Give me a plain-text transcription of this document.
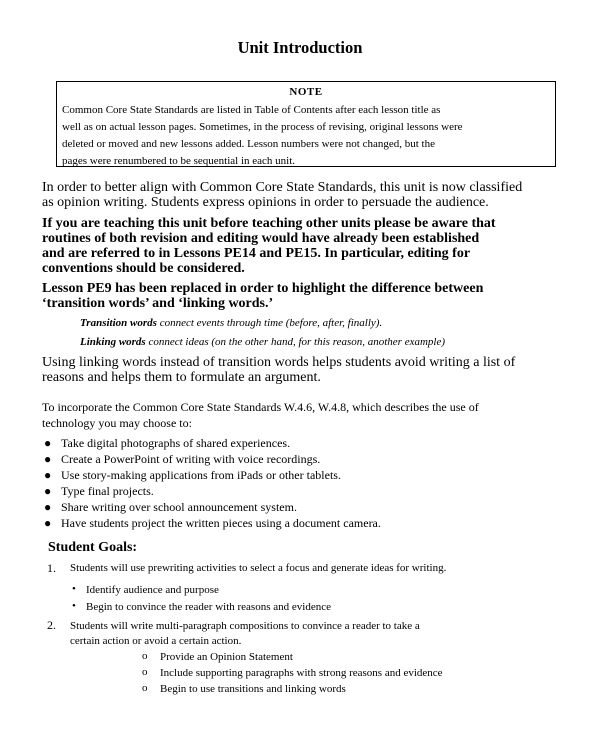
Unit Introduction
NOTE
Common Core State Standards are listed in Table of Contents after each lesson title as
well as on actual lesson pages. Sometimes, in the process of revising, original lessons were
deleted or moved and new lessons added. Lesson numbers were not changed, but the
pages were renumbered to be sequential in each unit.
In order to better align with Common Core State Standards, this unit is now classified
as opinion writing. Students express opinions in order to persuade the audience.
If you are teaching this unit before teaching other units please be aware that
routines of both revision and editing would have already been established
and are referred to in Lessons PE14 and PE15. In particular, editing for
conventions should be considered.
Lesson PE9 has been replaced in order to highlight the difference between
‘transition words’ and ‘linking words.’
Transition words connect events through time (before, after, finally).
Linking words connect ideas (on the other hand, for this reason, another example)
Using linking words instead of transition words helps students avoid writing a list of
reasons and helps them to formulate an argument.
To incorporate the Common Core State Standards W.4.6, W.4.8, which describes the use of
technology you may choose to:
● Take digital photographs of shared experiences.
● Create a PowerPoint of writing with voice recordings.
● Use story-making applications from iPads or other tablets.
● Type final projects.
● Share writing over school announcement system.
● Have students project the written pieces using a document camera.
Student Goals:
1. Students will use prewriting activities to select a focus and generate ideas for writing.
• Identify audience and purpose
• Begin to convince the reader with reasons and evidence
2. Students will write multi-paragraph compositions to convince a reader to take a
certain action or avoid a certain action.
o Provide an Opinion Statement
o Include supporting paragraphs with strong reasons and evidence
o Begin to use transitions and linking words
